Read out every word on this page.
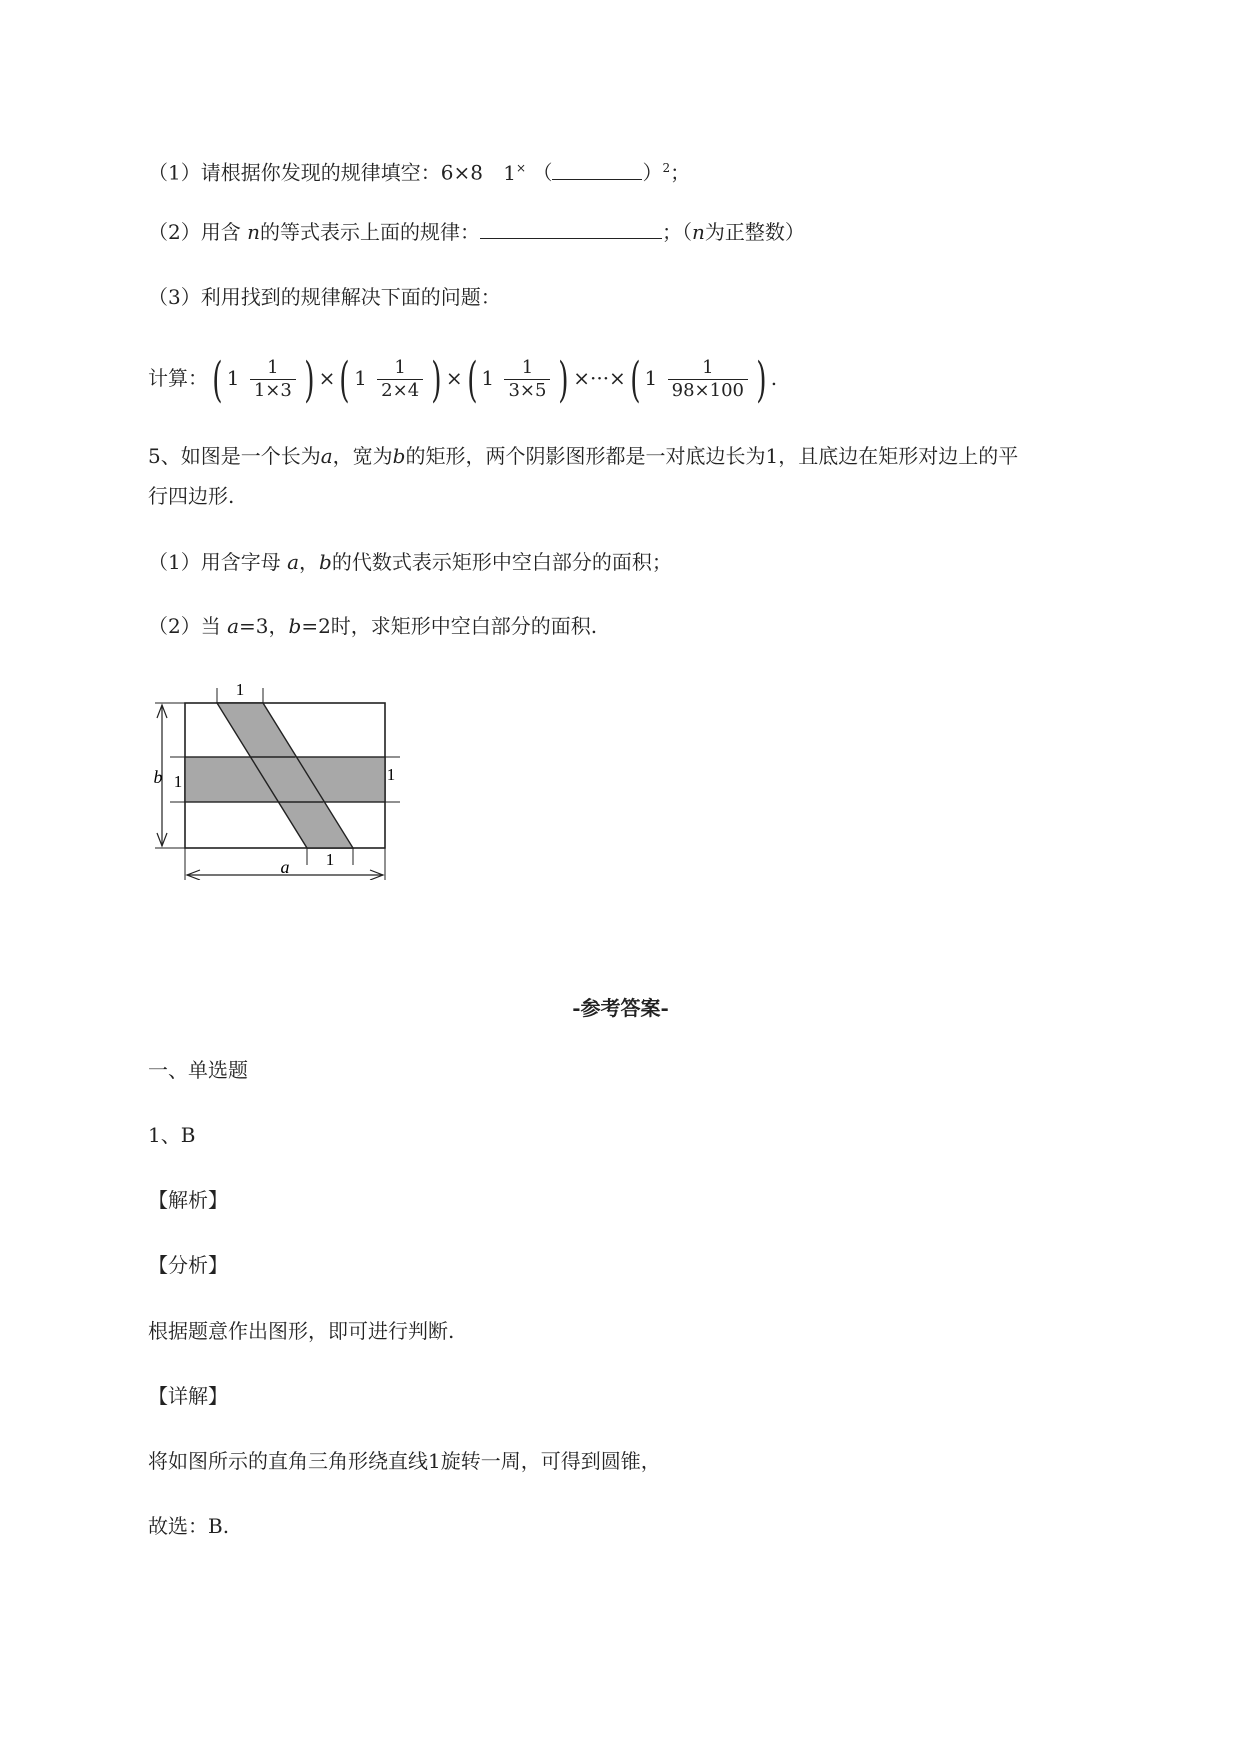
（1）请根据你发现的规律填空：6×8 1× （	）$^2$；
（2）用含 n的等式表示上面的规律：	；（n为正整数）
（3）利用找到的规律解决下面的问题：
计算：( $1 \frac{1}{1\times 3}$ ) ×( $1 \frac{1}{2\times 4}$ ) ×( $1 \frac{1}{3\times 5}$ ) ×···×( $1 \frac{1}{98\times 100}$ ) .
5、如图是一个长为a，宽为b的矩形，两个阴影图形都是一对底边长为1，且底边在矩形对边上的平
行四边形.
（1）用含字母 a，b的代数式表示矩形中空白部分的面积；
（2）当 a=3，b=2时，求矩形中空白部分的面积.
1
b 1	1
1
a
-参考答案-
一、单选题
1、B
【解析】
【分析】
根据题意作出图形，即可进行判断.
【详解】
将如图所示的直角三角形绕直线1旋转一周，可得到圆锥，
故选：B.
